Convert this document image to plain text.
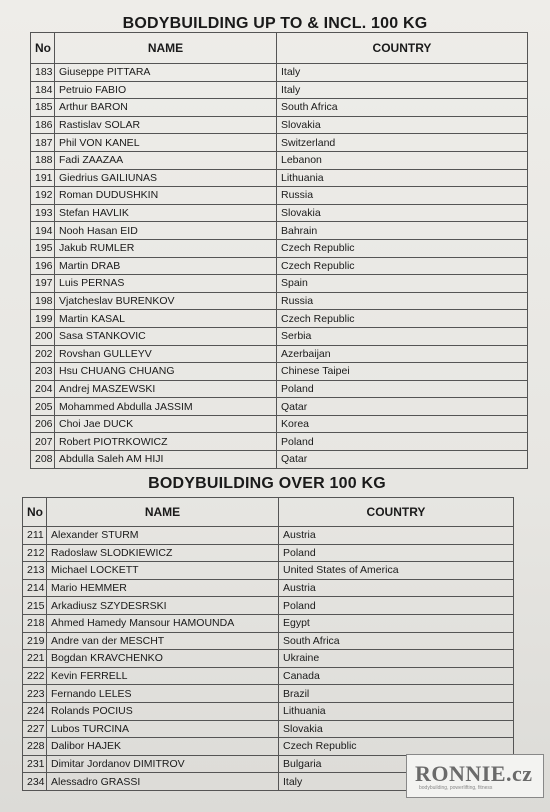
BODYBUILDING UP TO & INCL. 100 KG
No	NAME	COUNTRY
183	Giuseppe PITTARA	Italy
184	Petruio FABIO	Italy
185	Arthur BARON	South Africa
186	Rastislav SOLAR	Slovakia
187	Phil VON KANEL	Switzerland
188	Fadi ZAAZAA	Lebanon
191	Giedrius GAILIUNAS	Lithuania
192	Roman DUDUSHKIN	Russia
193	Stefan HAVLIK	Slovakia
194	Nooh Hasan EID	Bahrain
195	Jakub RUMLER	Czech Republic
196	Martin DRAB	Czech Republic
197	Luis PERNAS	Spain
198	Vjatcheslav BURENKOV	Russia
199	Martin KASAL	Czech Republic
200	Sasa STANKOVIC	Serbia
202	Rovshan GULLEYV	Azerbaijan
203	Hsu CHUANG CHUANG	Chinese Taipei
204	Andrej MASZEWSKI	Poland
205	Mohammed Abdulla JASSIM	Qatar
206	Choi Jae DUCK	Korea
207	Robert PIOTRKOWICZ	Poland
208	Abdulla Saleh AM HIJI	Qatar
BODYBUILDING OVER 100 KG
No	NAME	COUNTRY
211	Alexander STURM	Austria
212	Radoslaw SLODKIEWICZ	Poland
213	Michael LOCKETT	United States of America
214	Mario HEMMER	Austria
215	Arkadiusz SZYDESRSKI	Poland
218	Ahmed Hamedy Mansour HAMOUNDA	Egypt
219	Andre van der MESCHT	South Africa
221	Bogdan KRAVCHENKO	Ukraine
222	Kevin FERRELL	Canada
223	Fernando LELES	Brazil
224	Rolands POCIUS	Lithuania
227	Lubos TURCINA	Slovakia
228	Dalibor HAJEK	Czech Republic
231	Dimitar Jordanov DIMITROV	Bulgaria
234	Alessadro GRASSI	Italy	RONNIE.cz
bodybuilding, powerlifting, fitness
